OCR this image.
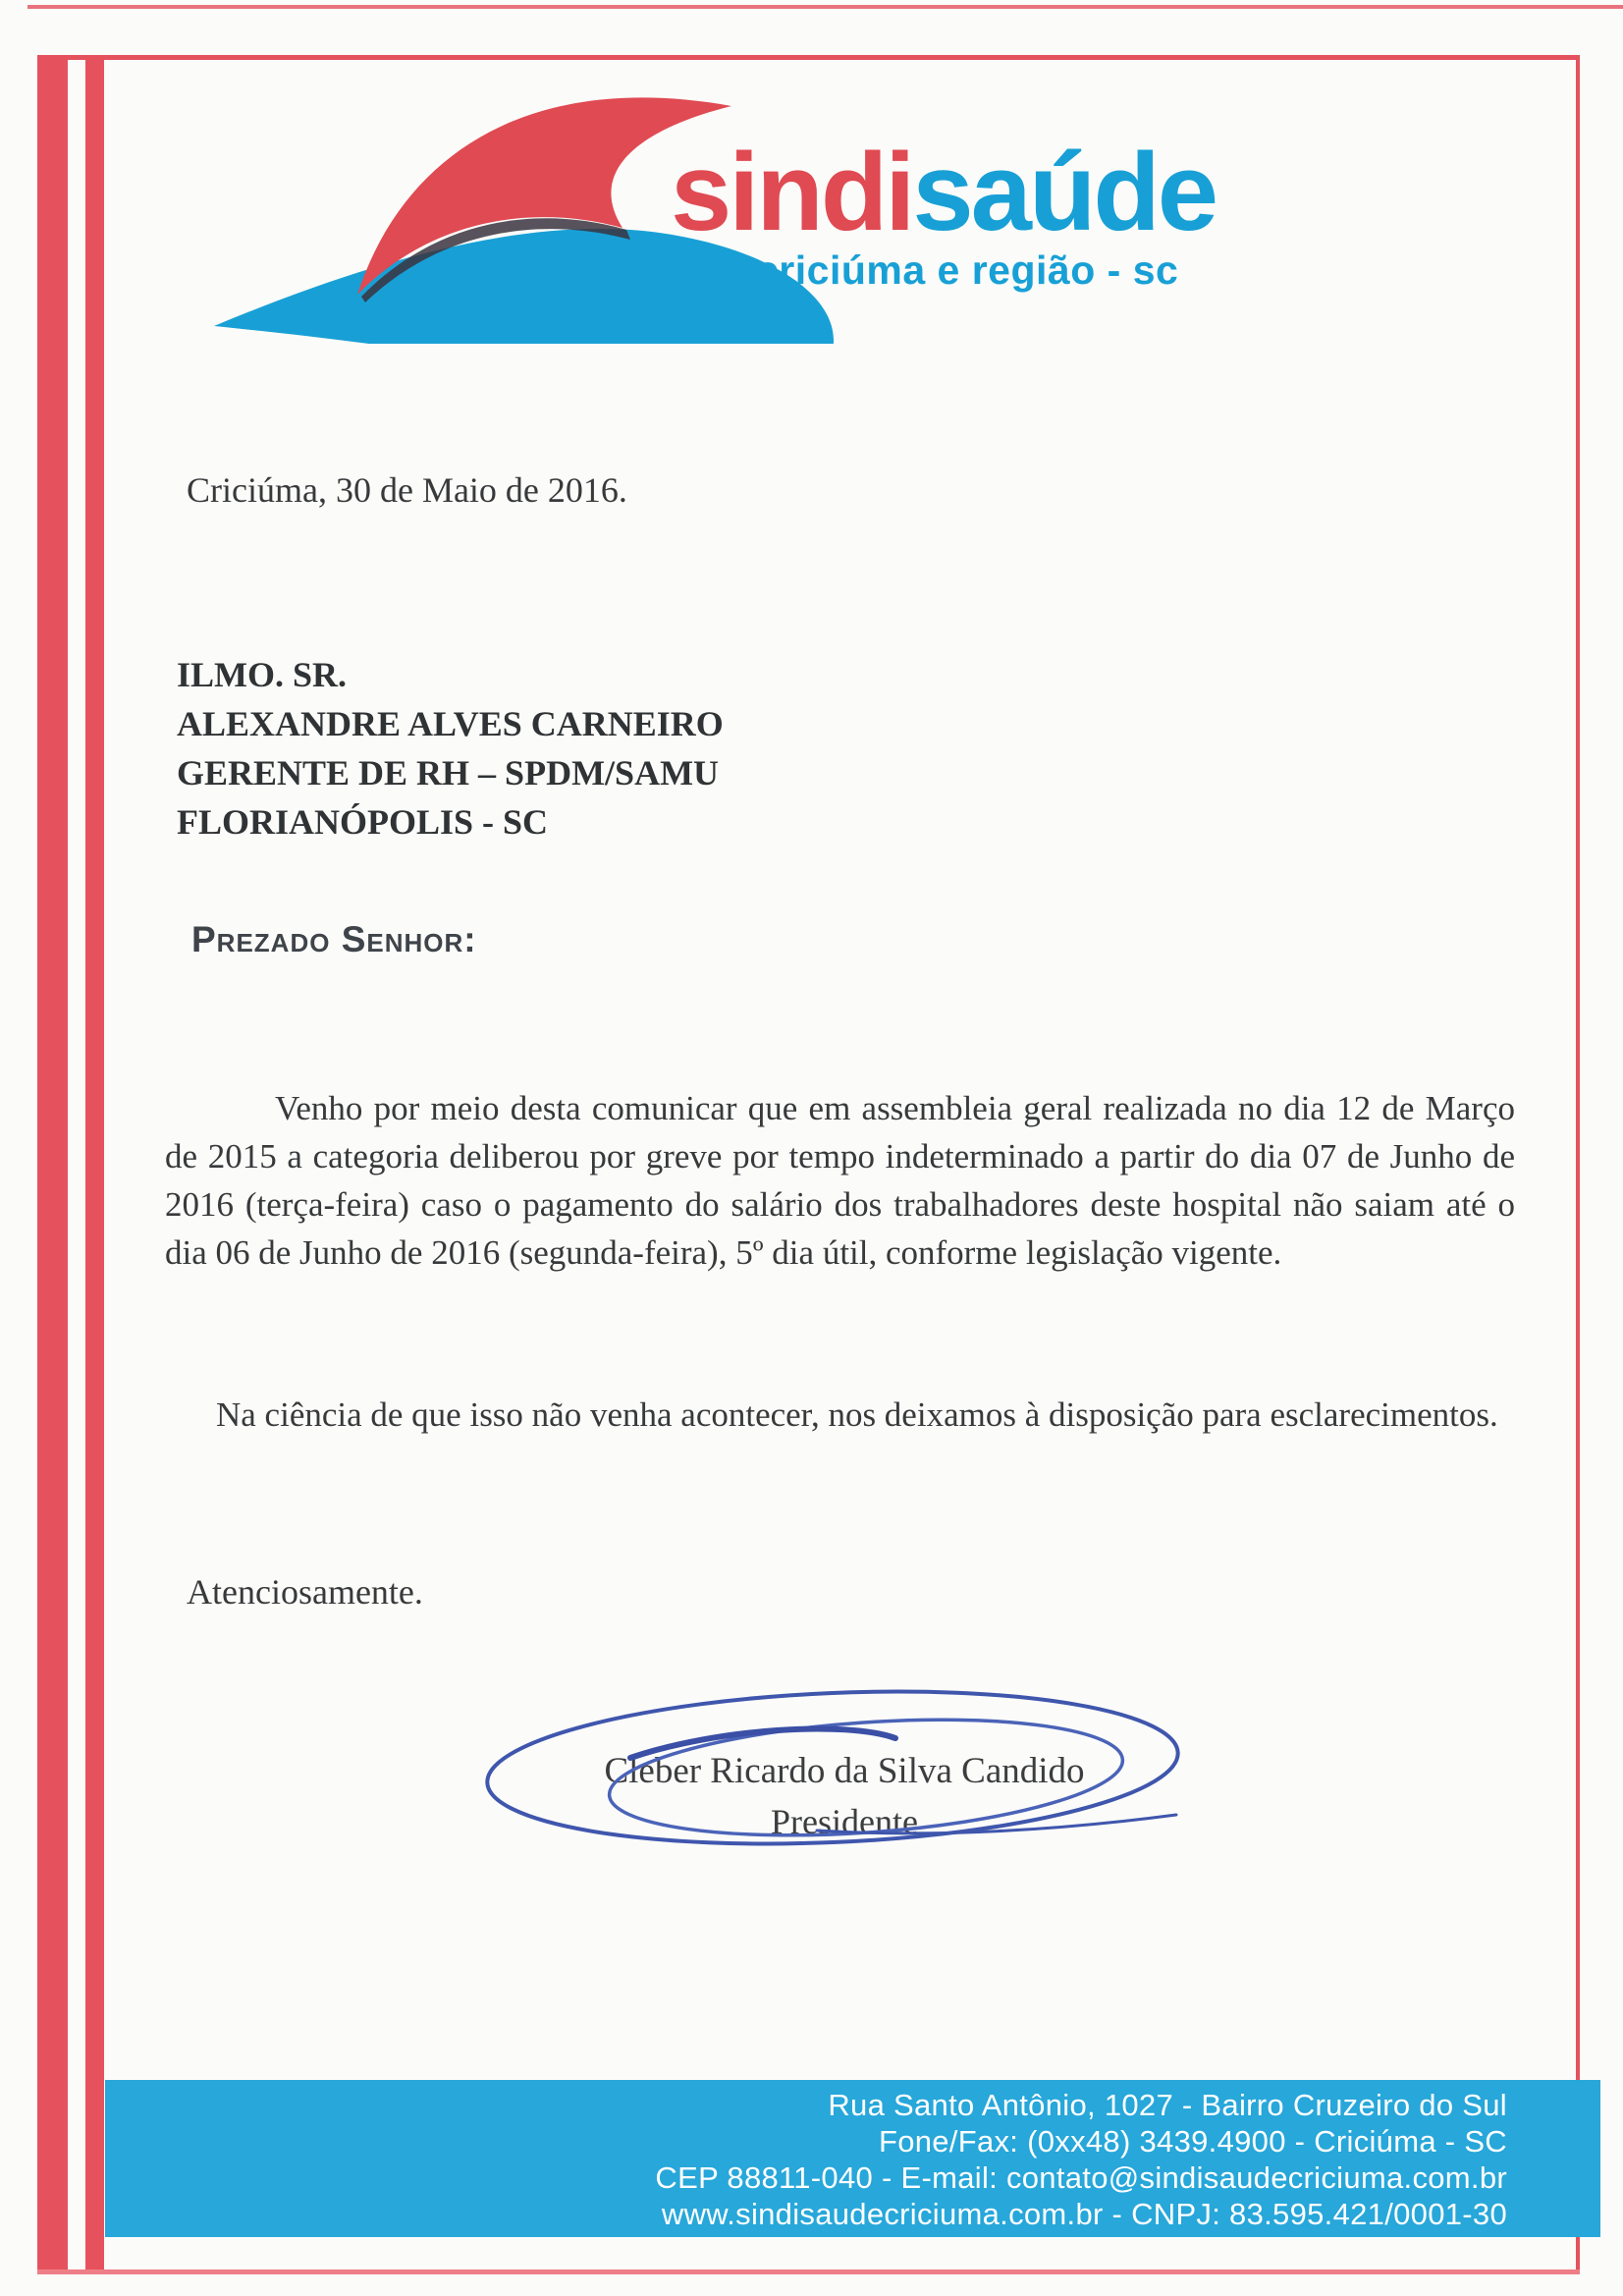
sindisaúde
criciúma e região - sc
Criciúma, 30 de Maio de 2016.
ILMO. SR.
ALEXANDRE ALVES CARNEIRO
GERENTE DE RH – SPDM/SAMU
FLORIANÓPOLIS - SC
Prezado Senhor:
Venho por meio desta comunicar que em assembleia geral realizada no dia 12 de Março de 2015 a categoria deliberou por greve por tempo indeterminado a partir do dia 07 de Junho de 2016 (terça-feira) caso o pagamento do salário dos trabalhadores deste hospital não saiam até o dia 06 de Junho de 2016 (segunda-feira), 5º dia útil, conforme legislação vigente.
Na ciência de que isso não venha acontecer, nos deixamos à disposição para esclarecimentos.
Atenciosamente.
Cleber Ricardo da Silva Candido
Presidente
Rua Santo Antônio, 1027 - Bairro Cruzeiro do Sul
Fone/Fax: (0xx48) 3439.4900 - Criciúma - SC
CEP 88811-040 - E-mail: contato@sindisaudecriciuma.com.br
www.sindisaudecriciuma.com.br - CNPJ: 83.595.421/0001-30
